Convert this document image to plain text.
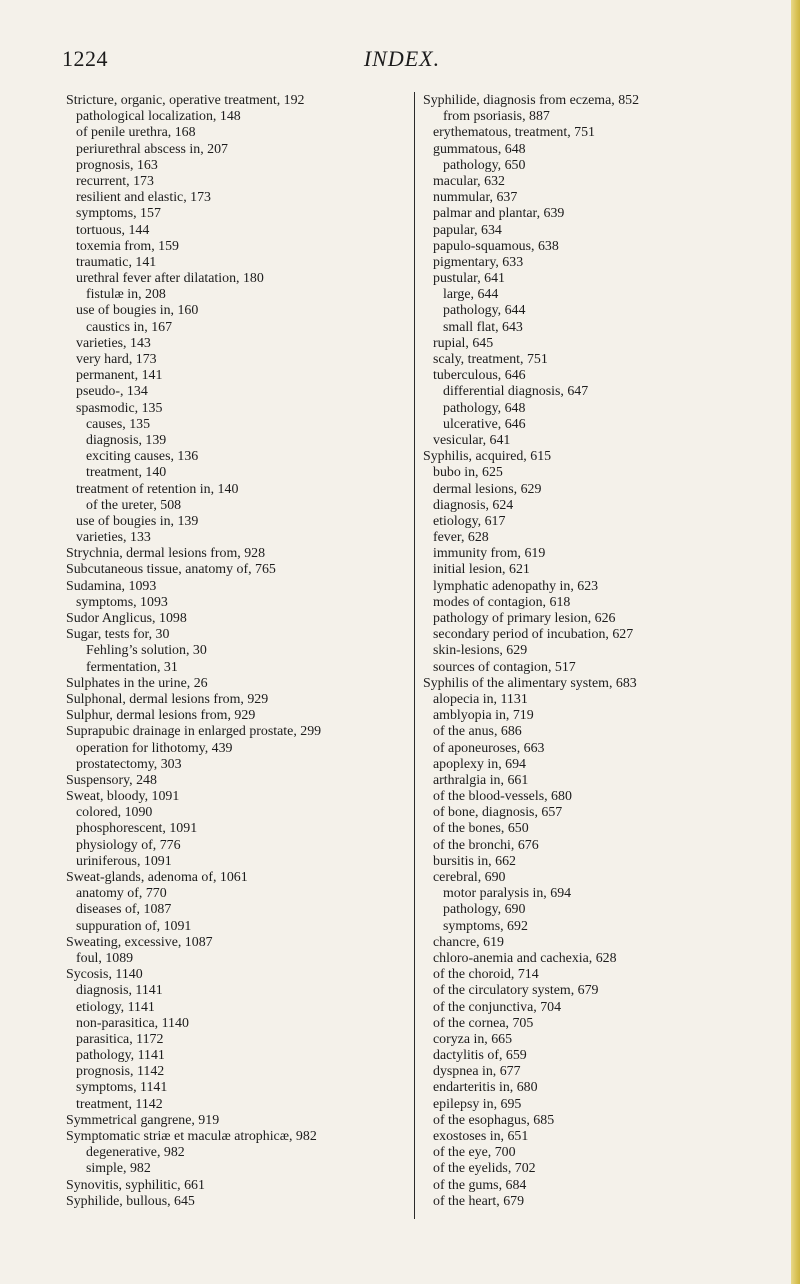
1224	INDEX.
Stricture, organic, operative treatment, 192
pathological localization, 148
of penile urethra, 168
periurethral abscess in, 207
prognosis, 163
recurrent, 173
resilient and elastic, 173
symptoms, 157
tortuous, 144
toxemia from, 159
traumatic, 141
urethral fever after dilatation, 180
fistulæ in, 208
use of bougies in, 160
caustics in, 167
varieties, 143
very hard, 173
permanent, 141
pseudo-, 134
spasmodic, 135
causes, 135
diagnosis, 139
exciting causes, 136
treatment, 140
treatment of retention in, 140
of the ureter, 508
use of bougies in, 139
varieties, 133
Strychnia, dermal lesions from, 928
Subcutaneous tissue, anatomy of, 765
Sudamina, 1093
symptoms, 1093
Sudor Anglicus, 1098
Sugar, tests for, 30
Fehling’s solution, 30
fermentation, 31
Sulphates in the urine, 26
Sulphonal, dermal lesions from, 929
Sulphur, dermal lesions from, 929
Suprapubic drainage in enlarged prostate, 299
operation for lithotomy, 439
prostatectomy, 303
Suspensory, 248
Sweat, bloody, 1091
colored, 1090
phosphorescent, 1091
physiology of, 776
uriniferous, 1091
Sweat-glands, adenoma of, 1061
anatomy of, 770
diseases of, 1087
suppuration of, 1091
Sweating, excessive, 1087
foul, 1089
Sycosis, 1140
diagnosis, 1141
etiology, 1141
non-parasitica, 1140
parasitica, 1172
pathology, 1141
prognosis, 1142
symptoms, 1141
treatment, 1142
Symmetrical gangrene, 919
Symptomatic striæ et maculæ atrophicæ, 982
degenerative, 982
simple, 982
Synovitis, syphilitic, 661
Syphilide, bullous, 645
Syphilide, diagnosis from eczema, 852
from psoriasis, 887
erythematous, treatment, 751
gummatous, 648
pathology, 650
macular, 632
nummular, 637
palmar and plantar, 639
papular, 634
papulo-squamous, 638
pigmentary, 633
pustular, 641
large, 644
pathology, 644
small flat, 643
rupial, 645
scaly, treatment, 751
tuberculous, 646
differential diagnosis, 647
pathology, 648
ulcerative, 646
vesicular, 641
Syphilis, acquired, 615
bubo in, 625
dermal lesions, 629
diagnosis, 624
etiology, 617
fever, 628
immunity from, 619
initial lesion, 621
lymphatic adenopathy in, 623
modes of contagion, 618
pathology of primary lesion, 626
secondary period of incubation, 627
skin-lesions, 629
sources of contagion, 517
Syphilis of the alimentary system, 683
alopecia in, 1131
amblyopia in, 719
of the anus, 686
of aponeuroses, 663
apoplexy in, 694
arthralgia in, 661
of the blood-vessels, 680
of bone, diagnosis, 657
of the bones, 650
of the bronchi, 676
bursitis in, 662
cerebral, 690
motor paralysis in, 694
pathology, 690
symptoms, 692
chancre, 619
chloro-anemia and cachexia, 628
of the choroid, 714
of the circulatory system, 679
of the conjunctiva, 704
of the cornea, 705
coryza in, 665
dactylitis of, 659
dyspnea in, 677
endarteritis in, 680
epilepsy in, 695
of the esophagus, 685
exostoses in, 651
of the eye, 700
of the eyelids, 702
of the gums, 684
of the heart, 679
